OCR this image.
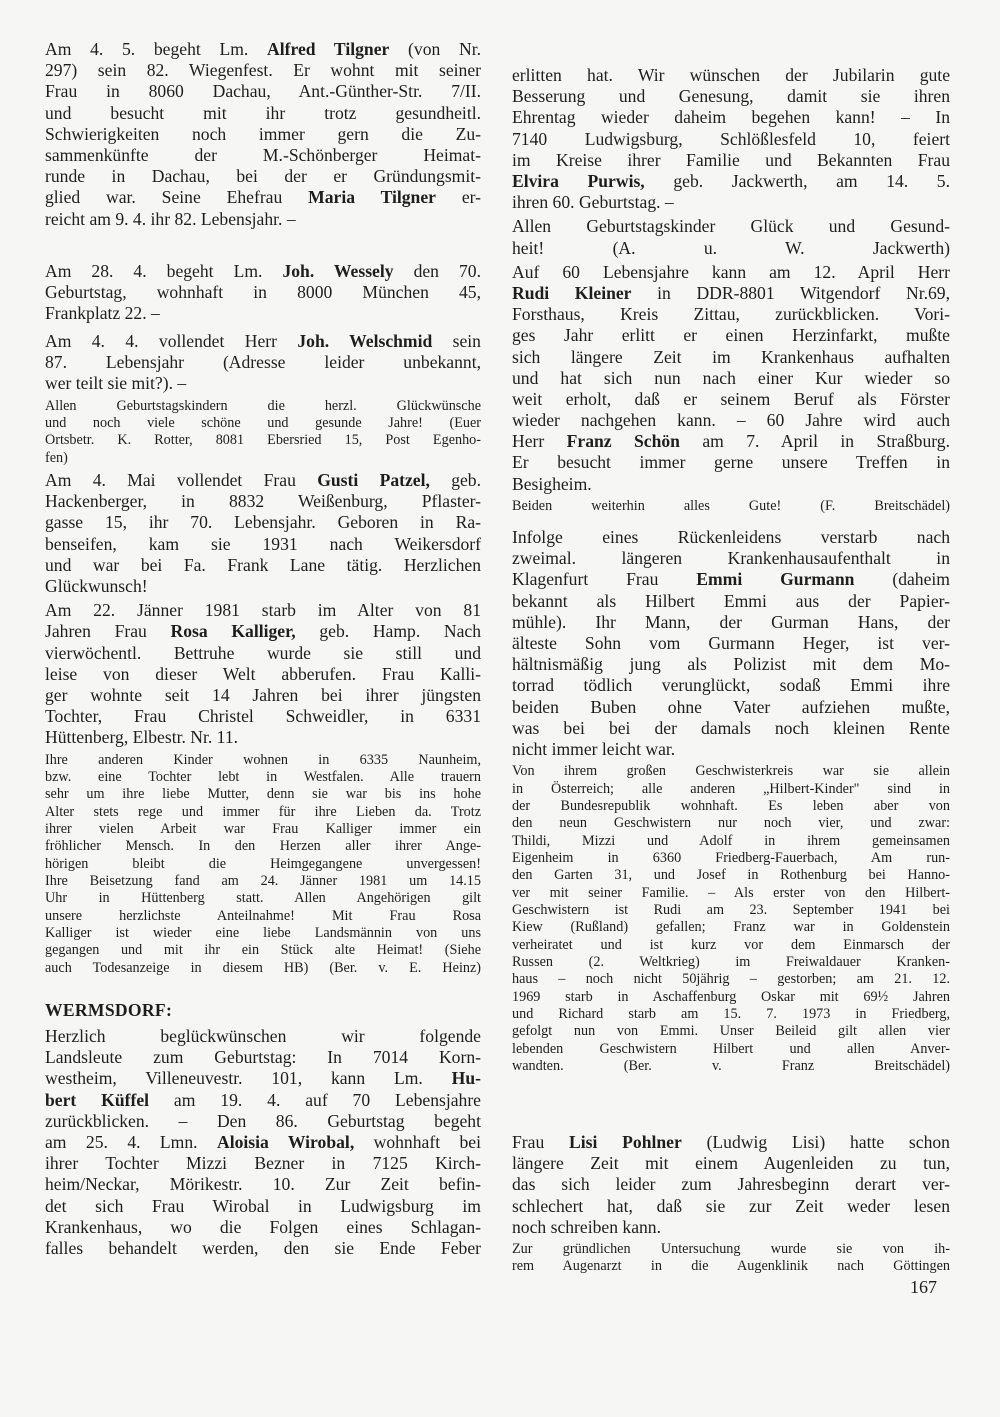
WERMSDORF:
167
Am 4. 5. begeht Lm. Alfred Tilgner (von Nr.
297) sein 82. Wiegenfest. Er wohnt mit seiner
Frau in 8060 Dachau, Ant.-Günther-Str. 7/II.
und besucht mit ihr trotz gesundheitl.
Schwierigkeiten noch immer gern die Zu-
sammenkünfte der M.-Schönberger Heimat-
runde in Dachau, bei der er Gründungsmit-
glied war. Seine Ehefrau Maria Tilgner er-
reicht am 9. 4. ihr 82. Lebensjahr. –
Am 28. 4. begeht Lm. Joh. Wessely den 70.
Geburtstag, wohnhaft in 8000 München 45,
Frankplatz 22. –
Am 4. 4. vollendet Herr Joh. Welschmid sein
87. Lebensjahr (Adresse leider unbekannt,
wer teilt sie mit?). –
Allen Geburtstagskindern die herzl. Glückwünsche
und noch viele schöne und gesunde Jahre! (Euer
Ortsbetr. K. Rotter, 8081 Ebersried 15, Post Egenho-
fen)
Am 4. Mai vollendet Frau Gusti Patzel, geb.
Hackenberger, in 8832 Weißenburg, Pflaster-
gasse 15, ihr 70. Lebensjahr. Geboren in Ra-
benseifen, kam sie 1931 nach Weikersdorf
und war bei Fa. Frank Lane tätig. Herzlichen
Glückwunsch!
Am 22. Jänner 1981 starb im Alter von 81
Jahren Frau Rosa Kalliger, geb. Hamp. Nach
vierwöchentl. Bettruhe wurde sie still und
leise von dieser Welt abberufen. Frau Kalli-
ger wohnte seit 14 Jahren bei ihrer jüngsten
Tochter, Frau Christel Schweidler, in 6331
Hüttenberg, Elbestr. Nr. 11.
Ihre anderen Kinder wohnen in 6335 Naunheim,
bzw. eine Tochter lebt in Westfalen. Alle trauern
sehr um ihre liebe Mutter, denn sie war bis ins hohe
Alter stets rege und immer für ihre Lieben da. Trotz
ihrer vielen Arbeit war Frau Kalliger immer ein
fröhlicher Mensch. In den Herzen aller ihrer Ange-
hörigen bleibt die Heimgegangene unvergessen!
Ihre Beisetzung fand am 24. Jänner 1981 um 14.15
Uhr in Hüttenberg statt. Allen Angehörigen gilt
unsere herzlichste Anteilnahme! Mit Frau Rosa
Kalliger ist wieder eine liebe Landsmännin von uns
gegangen und mit ihr ein Stück alte Heimat! (Siehe
auch Todesanzeige in diesem HB) (Ber. v. E. Heinz)
Herzlich beglückwünschen wir folgende
Landsleute zum Geburtstag: In 7014 Korn-
westheim, Villeneuvestr. 101, kann Lm. Hu-
bert Küffel am 19. 4. auf 70 Lebensjahre
zurückblicken. – Den 86. Geburtstag begeht
am 25. 4. Lmn. Aloisia Wirobal, wohnhaft bei
ihrer Tochter Mizzi Bezner in 7125 Kirch-
heim/Neckar, Mörikestr. 10. Zur Zeit befin-
det sich Frau Wirobal in Ludwigsburg im
Krankenhaus, wo die Folgen eines Schlagan-
falles behandelt werden, den sie Ende Feber
erlitten hat. Wir wünschen der Jubilarin gute
Besserung und Genesung, damit sie ihren
Ehrentag wieder daheim begehen kann! – In
7140 Ludwigsburg, Schlößlesfeld 10, feiert
im Kreise ihrer Familie und Bekannten Frau
Elvira Purwis, geb. Jackwerth, am 14. 5.
ihren 60. Geburtstag. –
Allen Geburtstagskinder Glück und Gesund-
heit! (A. u. W. Jackwerth)
Auf 60 Lebensjahre kann am 12. April Herr
Rudi Kleiner in DDR-8801 Witgendorf Nr.69,
Forsthaus, Kreis Zittau, zurückblicken. Vori-
ges Jahr erlitt er einen Herzinfarkt, mußte
sich längere Zeit im Krankenhaus aufhalten
und hat sich nun nach einer Kur wieder so
weit erholt, daß er seinem Beruf als Förster
wieder nachgehen kann. – 60 Jahre wird auch
Herr Franz Schön am 7. April in Straßburg.
Er besucht immer gerne unsere Treffen in
Besigheim.
Beiden weiterhin alles Gute! (F. Breitschädel)
Infolge eines Rückenleidens verstarb nach
zweimal. längeren Krankenhausaufenthalt in
Klagenfurt Frau Emmi Gurmann (daheim
bekannt als Hilbert Emmi aus der Papier-
mühle). Ihr Mann, der Gurman Hans, der
älteste Sohn vom Gurmann Heger, ist ver-
hältnismäßig jung als Polizist mit dem Mo-
torrad tödlich verunglückt, sodaß Emmi ihre
beiden Buben ohne Vater aufziehen mußte,
was bei bei der damals noch kleinen Rente
nicht immer leicht war.
Von ihrem großen Geschwisterkreis war sie allein
in Österreich; alle anderen „Hilbert-Kinder" sind in
der Bundesrepublik wohnhaft. Es leben aber von
den neun Geschwistern nur noch vier, und zwar:
Thildi, Mizzi und Adolf in ihrem gemeinsamen
Eigenheim in 6360 Friedberg-Fauerbach, Am run-
den Garten 31, und Josef in Rothenburg bei Hanno-
ver mit seiner Familie. – Als erster von den Hilbert-
Geschwistern ist Rudi am 23. September 1941 bei
Kiew (Rußland) gefallen; Franz war in Goldenstein
verheiratet und ist kurz vor dem Einmarsch der
Russen (2. Weltkrieg) im Freiwaldauer Kranken-
haus – noch nicht 50jährig – gestorben; am 21. 12.
1969 starb in Aschaffenburg Oskar mit 69½ Jahren
und Richard starb am 15. 7. 1973 in Friedberg,
gefolgt nun von Emmi. Unser Beileid gilt allen vier
lebenden Geschwistern Hilbert und allen Anver-
wandten. (Ber. v. Franz Breitschädel)
Frau Lisi Pohlner (Ludwig Lisi) hatte schon
längere Zeit mit einem Augenleiden zu tun,
das sich leider zum Jahresbeginn derart ver-
schlechert hat, daß sie zur Zeit weder lesen
noch schreiben kann.
Zur gründlichen Untersuchung wurde sie von ih-
rem Augenarzt in die Augenklinik nach Göttingen
